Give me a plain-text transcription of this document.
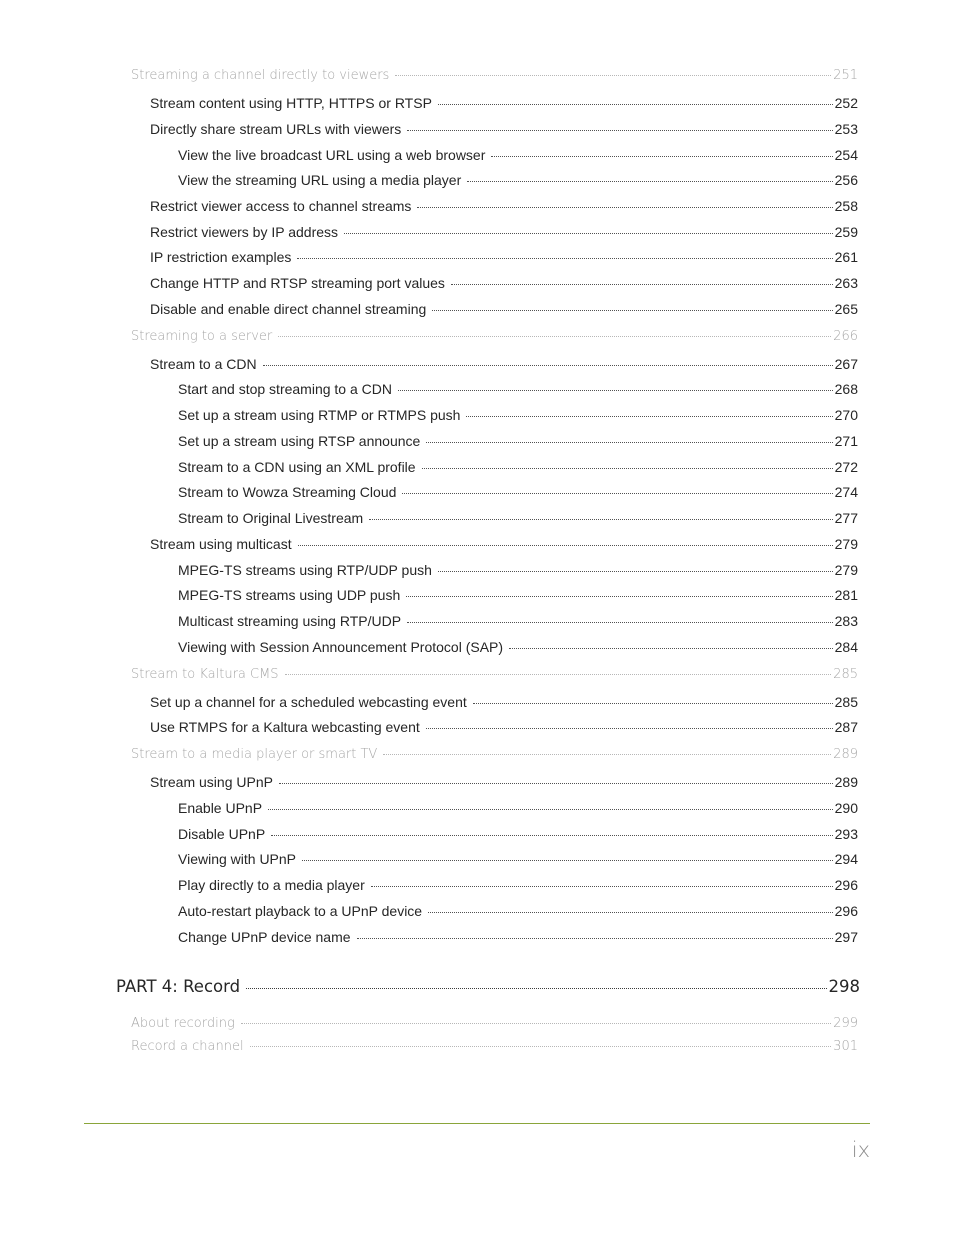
Streaming a channel directly to viewers	251
Stream content using HTTP, HTTPS or RTSP	252
Directly share stream URLs with viewers	253
View the live broadcast URL using a web browser	254
View the streaming URL using a media player	256
Restrict viewer access to channel streams	258
Restrict viewers by IP address	259
IP restriction examples	261
Change HTTP and RTSP streaming port values	263
Disable and enable direct channel streaming	265
Streaming to a server	266
Stream to a CDN	267
Start and stop streaming to a CDN	268
Set up a stream using RTMP or RTMPS push	270
Set up a stream using RTSP announce	271
Stream to a CDN using an XML profile	272
Stream to Wowza Streaming Cloud	274
Stream to Original Livestream	277
Stream using multicast	279
MPEG-TS streams using RTP/UDP push	279
MPEG-TS streams using UDP push	281
Multicast streaming using RTP/UDP	283
Viewing with Session Announcement Protocol (SAP)	284
Stream to Kaltura CMS	285
Set up a channel for a scheduled webcasting event	285
Use RTMPS for a Kaltura webcasting event	287
Stream to a media player or smart TV	289
Stream using UPnP	289
Enable UPnP	290
Disable UPnP	293
Viewing with UPnP	294
Play directly to a media player	296
Auto-restart playback to a UPnP device	296
Change UPnP device name	297
PART 4: Record	298
About recording	299
Record a channel	301
ix
